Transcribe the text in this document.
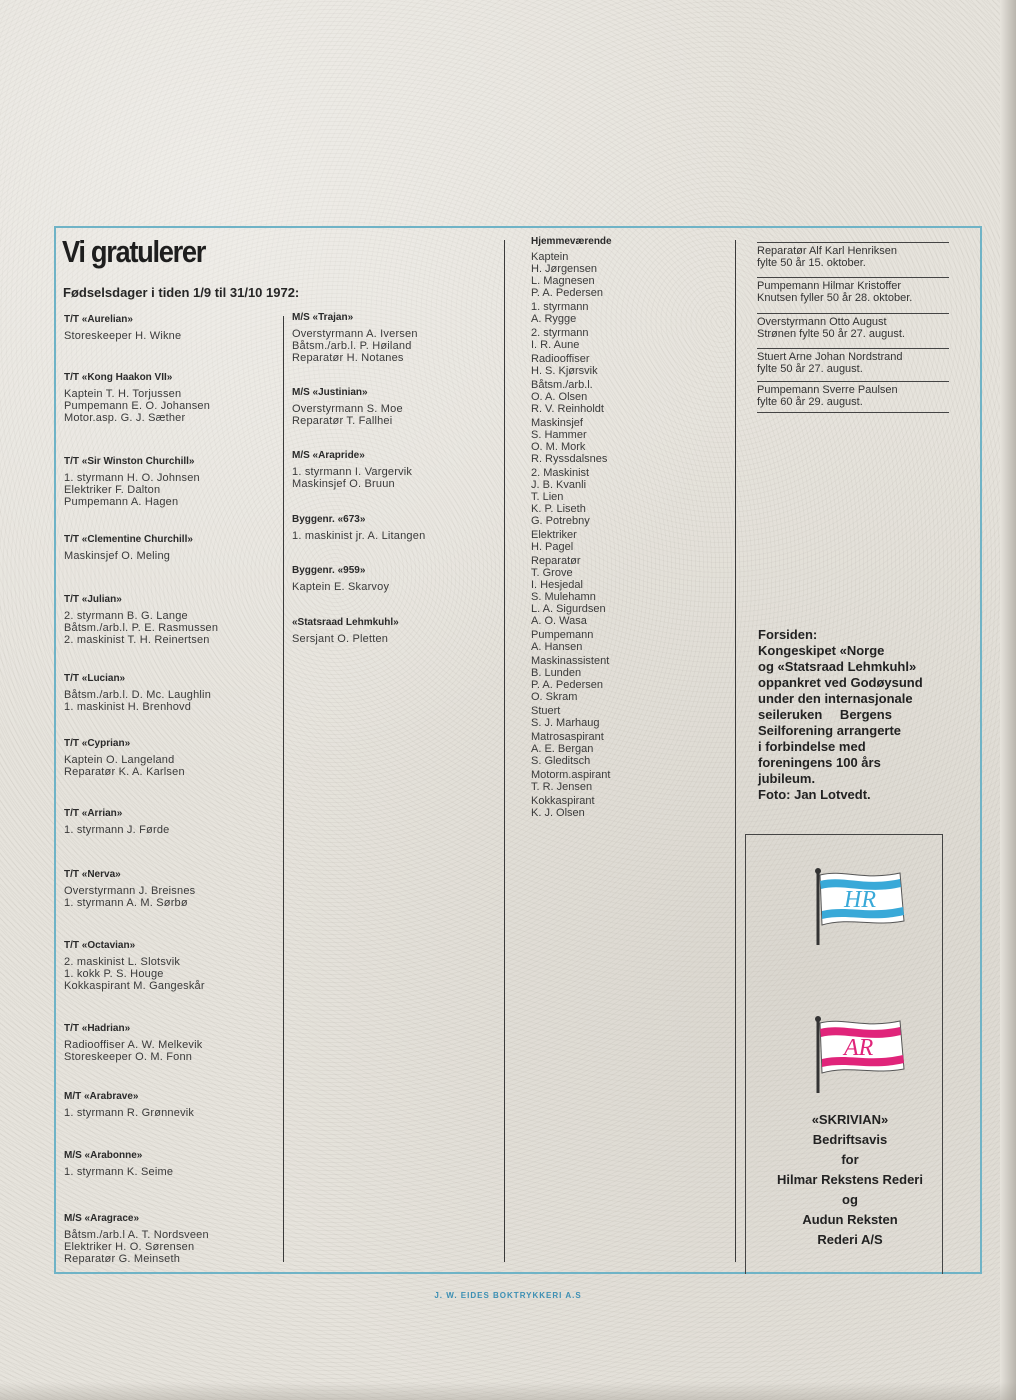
Vi gratulerer
Fødselsdager i tiden 1/9 til 31/10 1972:
T/T «Aurelian»
Storeskeeper H. Wikne
T/T «Kong Haakon VII»
Kaptein T. H. Torjussen
Pumpemann E. O. Johansen
Motor.asp. G. J. Sæther
T/T «Sir Winston Churchill»
1. styrmann H. O. Johnsen
Elektriker F. Dalton
Pumpemann A. Hagen
T/T «Clementine Churchill»
Maskinsjef O. Meling
T/T «Julian»
2. styrmann B. G. Lange
Båtsm./arb.l. P. E. Rasmussen
2. maskinist T. H. Reinertsen
T/T «Lucian»
Båtsm./arb.l. D. Mc. Laughlin
1. maskinist H. Brenhovd
T/T «Cyprian»
Kaptein O. Langeland
Reparatør K. A. Karlsen
T/T «Arrian»
1. styrmann J. Førde
T/T «Nerva»
Overstyrmann J. Breisnes
1. styrmann A. M. Sørbø
T/T «Octavian»
2. maskinist L. Slotsvik
1. kokk P. S. Houge
Kokkaspirant M. Gangeskår
T/T «Hadrian»
Radiooffiser A. W. Melkevik
Storeskeeper O. M. Fonn
M/T «Arabrave»
1. styrmann R. Grønnevik
M/S «Arabonne»
1. styrmann K. Seime
M/S «Aragrace»
Båtsm./arb.l A. T. Nordsveen
Elektriker H. O. Sørensen
Reparatør G. Meinseth
M/S «Trajan»
Overstyrmann A. Iversen
Båtsm./arb.l. P. Høiland
Reparatør H. Notanes
M/S «Justinian»
Overstyrmann S. Moe
Reparatør T. Fallhei
M/S «Arapride»
1. styrmann I. Vargervik
Maskinsjef O. Bruun
Byggenr. «673»
1. maskinist jr. A. Litangen
Byggenr. «959»
Kaptein E. Skarvoy
«Statsraad Lehmkuhl»
Sersjant O. Pletten
Hjemmeværende
Kaptein
H. Jørgensen
L. Magnesen
P. A. Pedersen
1. styrmann
A. Rygge
2. styrmann
I. R. Aune
Radiooffiser
H. S. Kjørsvik
Båtsm./arb.l.
O. A. Olsen
R. V. Reinholdt
Maskinsjef
S. Hammer
O. M. Mork
R. Ryssdalsnes
2. Maskinist
J. B. Kvanli
T. Lien
K. P. Liseth
G. Potrebny
Elektriker
H. Pagel
Reparatør
T. Grove
I. Hesjedal
S. Mulehamn
L. A. Sigurdsen
A. O. Wasa
Pumpemann
A. Hansen
Maskinassistent
B. Lunden
P. A. Pedersen
O. Skram
Stuert
S. J. Marhaug
Matrosaspirant
A. E. Bergan
S. Gleditsch
Motorm.aspirant
T. R. Jensen
Kokkaspirant
K. J. Olsen
Reparatør Alf Karl Henriksen
fylte 50 år 15. oktober.
Pumpemann Hilmar Kristoffer
Knutsen fyller 50 år 28. oktober.
Overstyrmann Otto August
Strønen fylte 50 år 27. august.
Stuert Arne Johan Nordstrand
fylte 50 år 27. august.
Pumpemann Sverre Paulsen
fylte 60 år 29. august.
Forsiden:
Kongeskipet «Norge
og «Statsraad Lehmkuhl»
oppankret ved Godøysund
under den internasjonale
seileruken Bergens
Seilforening arrangerte
i forbindelse med
foreningens 100 års
jubileum.
Foto: Jan Lotvedt.
HR
AR
«SKRIVIAN»
Bedriftsavis
for
Hilmar Rekstens Rederi
og
Audun Reksten
Rederi A/S
J. W. EIDES BOKTRYKKERI A.S
